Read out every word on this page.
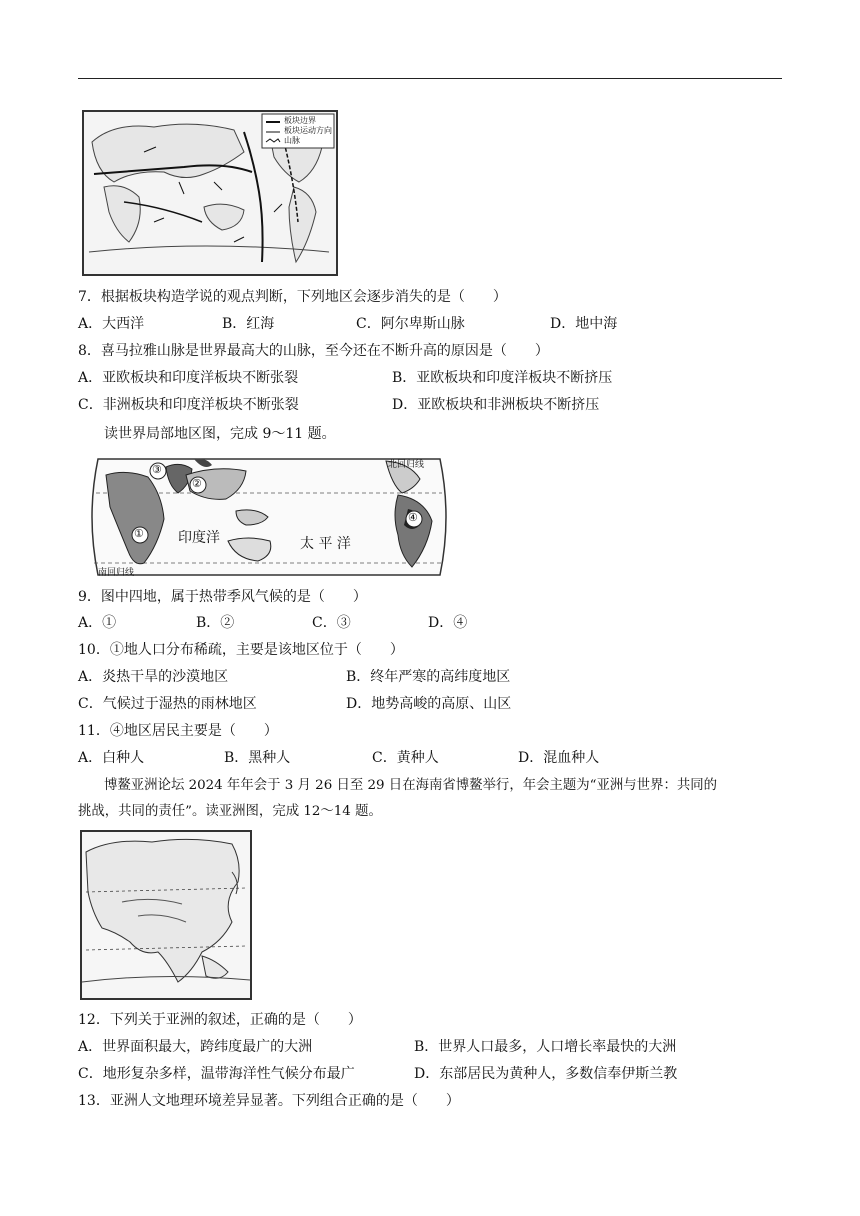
板块边界
板块运动方向
山脉
7．根据板块构造学说的观点判断，下列地区会逐步消失的是（　　）
A．大西洋	B．红海	C．阿尔卑斯山脉	D．地中海
8．喜马拉雅山脉是世界最高大的山脉，至今还在不断升高的原因是（　　）
A．亚欧板块和印度洋板块不断张裂	B．亚欧板块和印度洋板块不断挤压
C．非洲板块和印度洋板块不断张裂	D．亚欧板块和非洲板块不断挤压
读世界局部地区图，完成 9～11 题。
③
②
①
④
印度洋	太 平 洋
南回归线
北回归线
9．图中四地，属于热带季风气候的是（　　）
A．①	B．②	C．③	D．④
10．①地人口分布稀疏，主要是该地区位于（　　）
A．炎热干旱的沙漠地区	B．终年严寒的高纬度地区
C．气候过于湿热的雨林地区	D．地势高峻的高原、山区
11．④地区居民主要是（　　）
A．白种人	B．黑种人	C．黄种人	D．混血种人
博鳌亚洲论坛 2024 年年会于 3 月 26 日至 29 日在海南省博鳌举行，年会主题为“亚洲与世界：共同的
挑战，共同的责任”。读亚洲图，完成 12～14 题。
12．下列关于亚洲的叙述，正确的是（　　）
A．世界面积最大，跨纬度最广的大洲	B．世界人口最多，人口增长率最快的大洲
C．地形复杂多样，温带海洋性气候分布最广	D．东部居民为黄种人，多数信奉伊斯兰教
13．亚洲人文地理环境差异显著。下列组合正确的是（　　）
